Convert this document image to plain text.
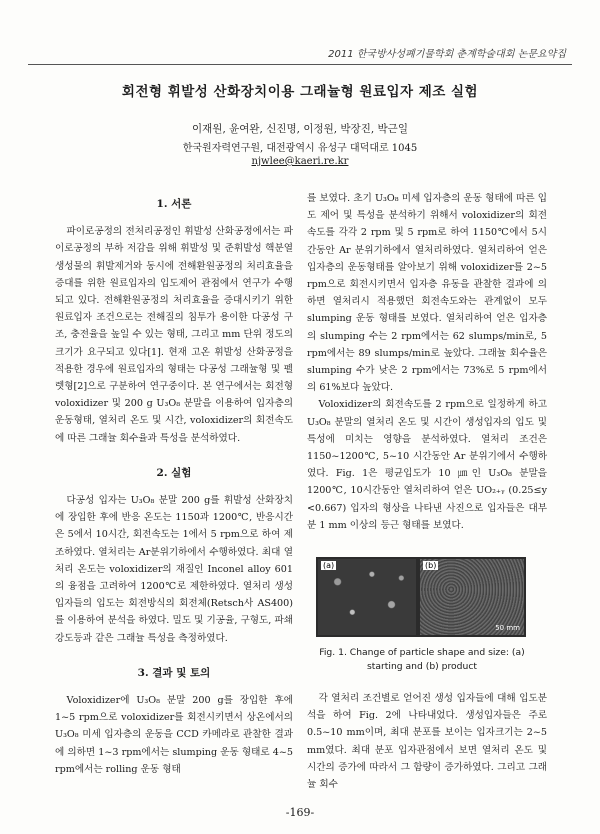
2011 한국방사성폐기물학회 춘계학술대회 논문요약집
회전형 휘발성 산화장치이용 그래뉼형 원료입자 제조 실험
이재원, 윤여완, 신진명, 이정원, 박장진, 박근일
한국원자력연구원, 대전광역시 유성구 대덕대로 1045
njwlee@kaeri.re.kr

1. 서론

파이로공정의 전처리공정인 휘발성 산화공정에서는 파이로공정의 부하 저감을 위해 휘발성 및 준휘발성 핵분열생성물의 휘발제거와 동시에 전해환원공정의 처리효율을 증대를 위한 원료입자의 입도제어 관점에서 연구가 수행되고 있다. 전해환원공정의 처리효율을 증대시키기 위한 원료입자 조건으로는 전해질의 침투가 용이한 다공성 구조, 충전율을 높일 수 있는 형태, 그리고 mm 단위 정도의 크기가 요구되고 있다[1]. 현재 고온 휘발성 산화공정을 적용한 경우에 원료입자의 형태는 다공성 그래뉼형 및 펠렛형[2]으로 구분하여 연구중이다. 본 연구에서는 회전형 voloxidizer 및 200 g U₃O₈ 분말을 이용하여 입자층의 운동형태, 열처리 온도 및 시간, voloxidizer의 회전속도에 따른 그래뉼 회수율과 특성을 분석하였다.

2. 실험

다공성 입자는 U₃O₈ 분말 200 g를 휘발성 산화장치에 장입한 후에 반응 온도는 1150과 1200℃, 반응시간은 5에서 10시간, 회전속도는 1에서 5 rpm으로 하여 제조하였다. 열처리는 Ar분위기하에서 수행하였다. 최대 열처리 온도는 voloxidizer의 재질인 Inconel alloy 601의 융점을 고려하여 1200℃로 제한하였다. 열처리 생성 입자들의 입도는 회전방식의 회전체(Retsch사 AS400)를 이용하여 분석을 하였다. 밀도 및 기공율, 구형도, 파쇄강도등과 같은 그래뉼 특성을 측정하였다.

3. 결과 및 토의

Voloxidizer에 U₃O₈ 분말 200 g를 장입한 후에 1~5 rpm으로 voloxidizer를 회전시키면서 상온에서의 U₃O₈ 미세 입자층의 운동을 CCD 카메라로 관찰한 결과에 의하면 1~3 rpm에서는 slumping 운동 형태로 4~5 rpm에서는 rolling 운동 형태

를 보였다. 초기 U₃O₈ 미세 입자층의 운동 형태에 따른 입도 제어 및 특성을 분석하기 위해서 voloxidizer의 회전속도를 각각 2 rpm 및 5 rpm로 하여 1150℃에서 5시간동안 Ar 분위기하에서 열처리하였다. 열처리하여 얻은 입자층의 운동형태를 알아보기 위해 voloxidizer를 2~5 rpm으로 회전시키면서 입자층 유동을 관찰한 결과에 의하면 열처리시 적용했던 회전속도와는 관계없이 모두 slumping 운동 형태를 보였다. 열처리하여 얻은 입자층의 slumping 수는 2 rpm에서는 62 slumps/min로, 5 rpm에서는 89 slumps/min로 높았다. 그래뉼 회수율은 slumping 수가 낮은 2 rpm에서는 73%로 5 rpm에서의 61%보다 높았다.

Voloxidizer의 회전속도를 2 rpm으로 일정하게 하고 U₃O₈ 분말의 열처리 온도 및 시간이 생성입자의 입도 및 특성에 미치는 영향을 분석하였다. 열처리 조건은 1150~1200℃, 5~10 시간동안 Ar 분위기에서 수행하였다. Fig. 1은 평균입도가 10 ㎛인 U₃O₈ 분말을 1200℃, 10시간동안 열처리하여 얻은 UO₂₊ᵧ (0.25≤y <0.667) 입자의 형상을 나타낸 사진으로 입자들은 대부분 1 mm 이상의 등근 형태를 보였다.

(a)	(b)
50 mm
Fig. 1. Change of particle shape and size: (a) starting and (b) product

각 열처리 조건별로 얻어진 생성 입자들에 대해 입도분석을 하여 Fig. 2에 나타내었다. 생성입자들은 주로 0.5~10 mm이며, 최대 분포를 보이는 입자크기는 2~5 mm였다. 최대 분포 입자관점에서 보면 열처리 온도 및 시간의 증가에 따라서 그 함량이 증가하였다. 그리고 그래뉼 회수

-169-
